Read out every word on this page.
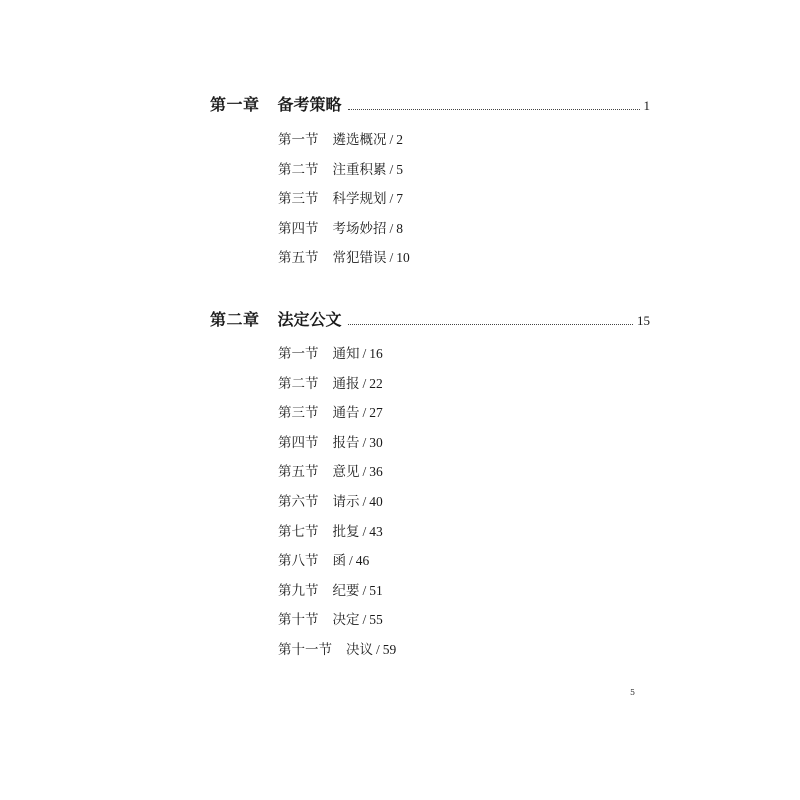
第一章 备考策略	1
第一节 遴选概况 / 2
第二节 注重积累 / 5
第三节 科学规划 / 7
第四节 考场妙招 / 8
第五节 常犯错误 / 10
第二章 法定公文	15
第一节 通知 / 16
第二节 通报 / 22
第三节 通告 / 27
第四节 报告 / 30
第五节 意见 / 36
第六节 请示 / 40
第七节 批复 / 43
第八节 函 / 46
第九节 纪要 / 51
第十节 决定 / 55
第十一节 决议 / 59
5
